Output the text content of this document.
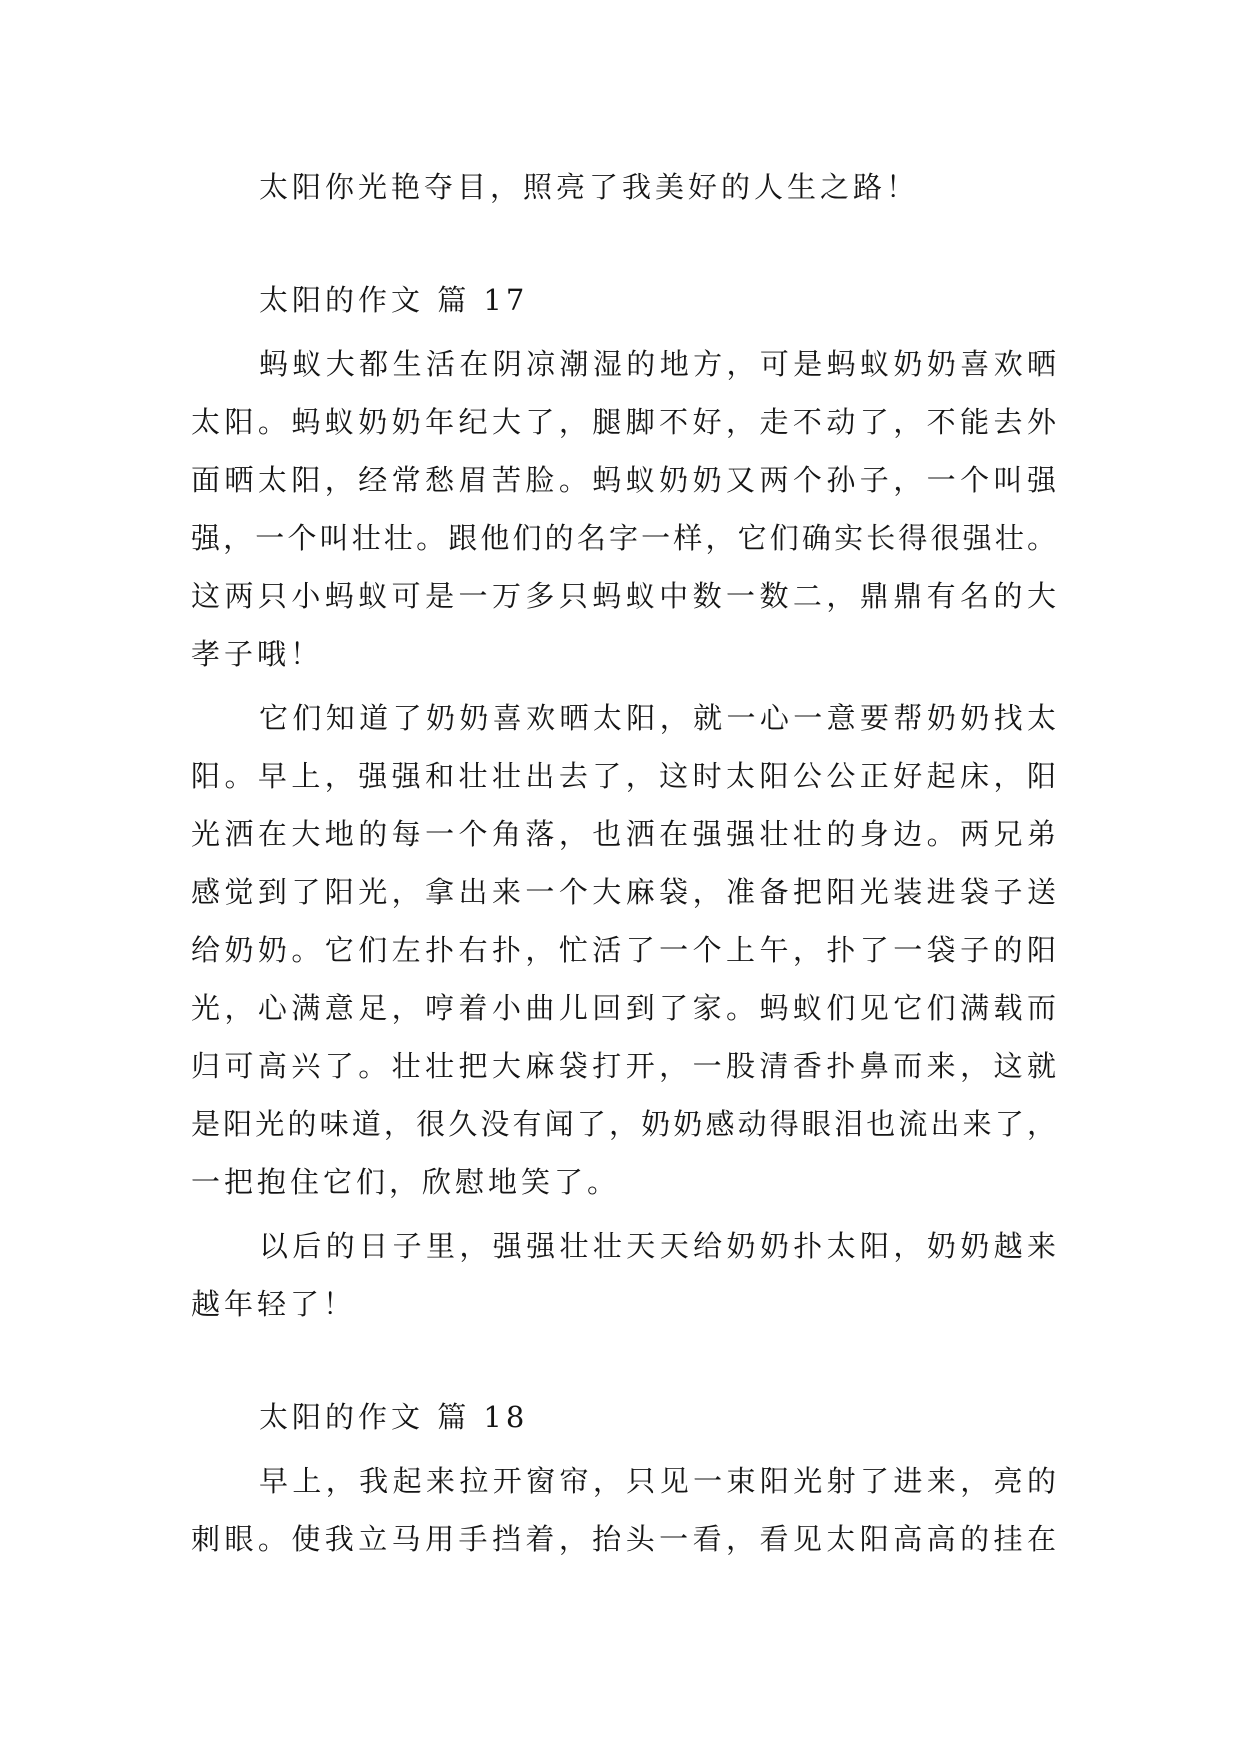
太阳你光艳夺目，照亮了我美好的人生之路！
太阳的作文 篇 17
蚂蚁大都生活在阴凉潮湿的地方，可是蚂蚁奶奶喜欢晒
太阳。蚂蚁奶奶年纪大了，腿脚不好，走不动了，不能去外
面晒太阳，经常愁眉苦脸。蚂蚁奶奶又两个孙子，一个叫强
强，一个叫壮壮。跟他们的名字一样，它们确实长得很强壮。
这两只小蚂蚁可是一万多只蚂蚁中数一数二，鼎鼎有名的大
孝子哦！
它们知道了奶奶喜欢晒太阳，就一心一意要帮奶奶找太
阳。早上，强强和壮壮出去了，这时太阳公公正好起床，阳
光洒在大地的每一个角落，也洒在强强壮壮的身边。两兄弟
感觉到了阳光，拿出来一个大麻袋，准备把阳光装进袋子送
给奶奶。它们左扑右扑，忙活了一个上午，扑了一袋子的阳
光，心满意足，哼着小曲儿回到了家。蚂蚁们见它们满载而
归可高兴了。壮壮把大麻袋打开，一股清香扑鼻而来，这就
是阳光的味道，很久没有闻了，奶奶感动得眼泪也流出来了，
一把抱住它们，欣慰地笑了。
以后的日子里，强强壮壮天天给奶奶扑太阳，奶奶越来
越年轻了！
太阳的作文 篇 18
早上，我起来拉开窗帘，只见一束阳光射了进来，亮的
刺眼。使我立马用手挡着，抬头一看，看见太阳高高的挂在
